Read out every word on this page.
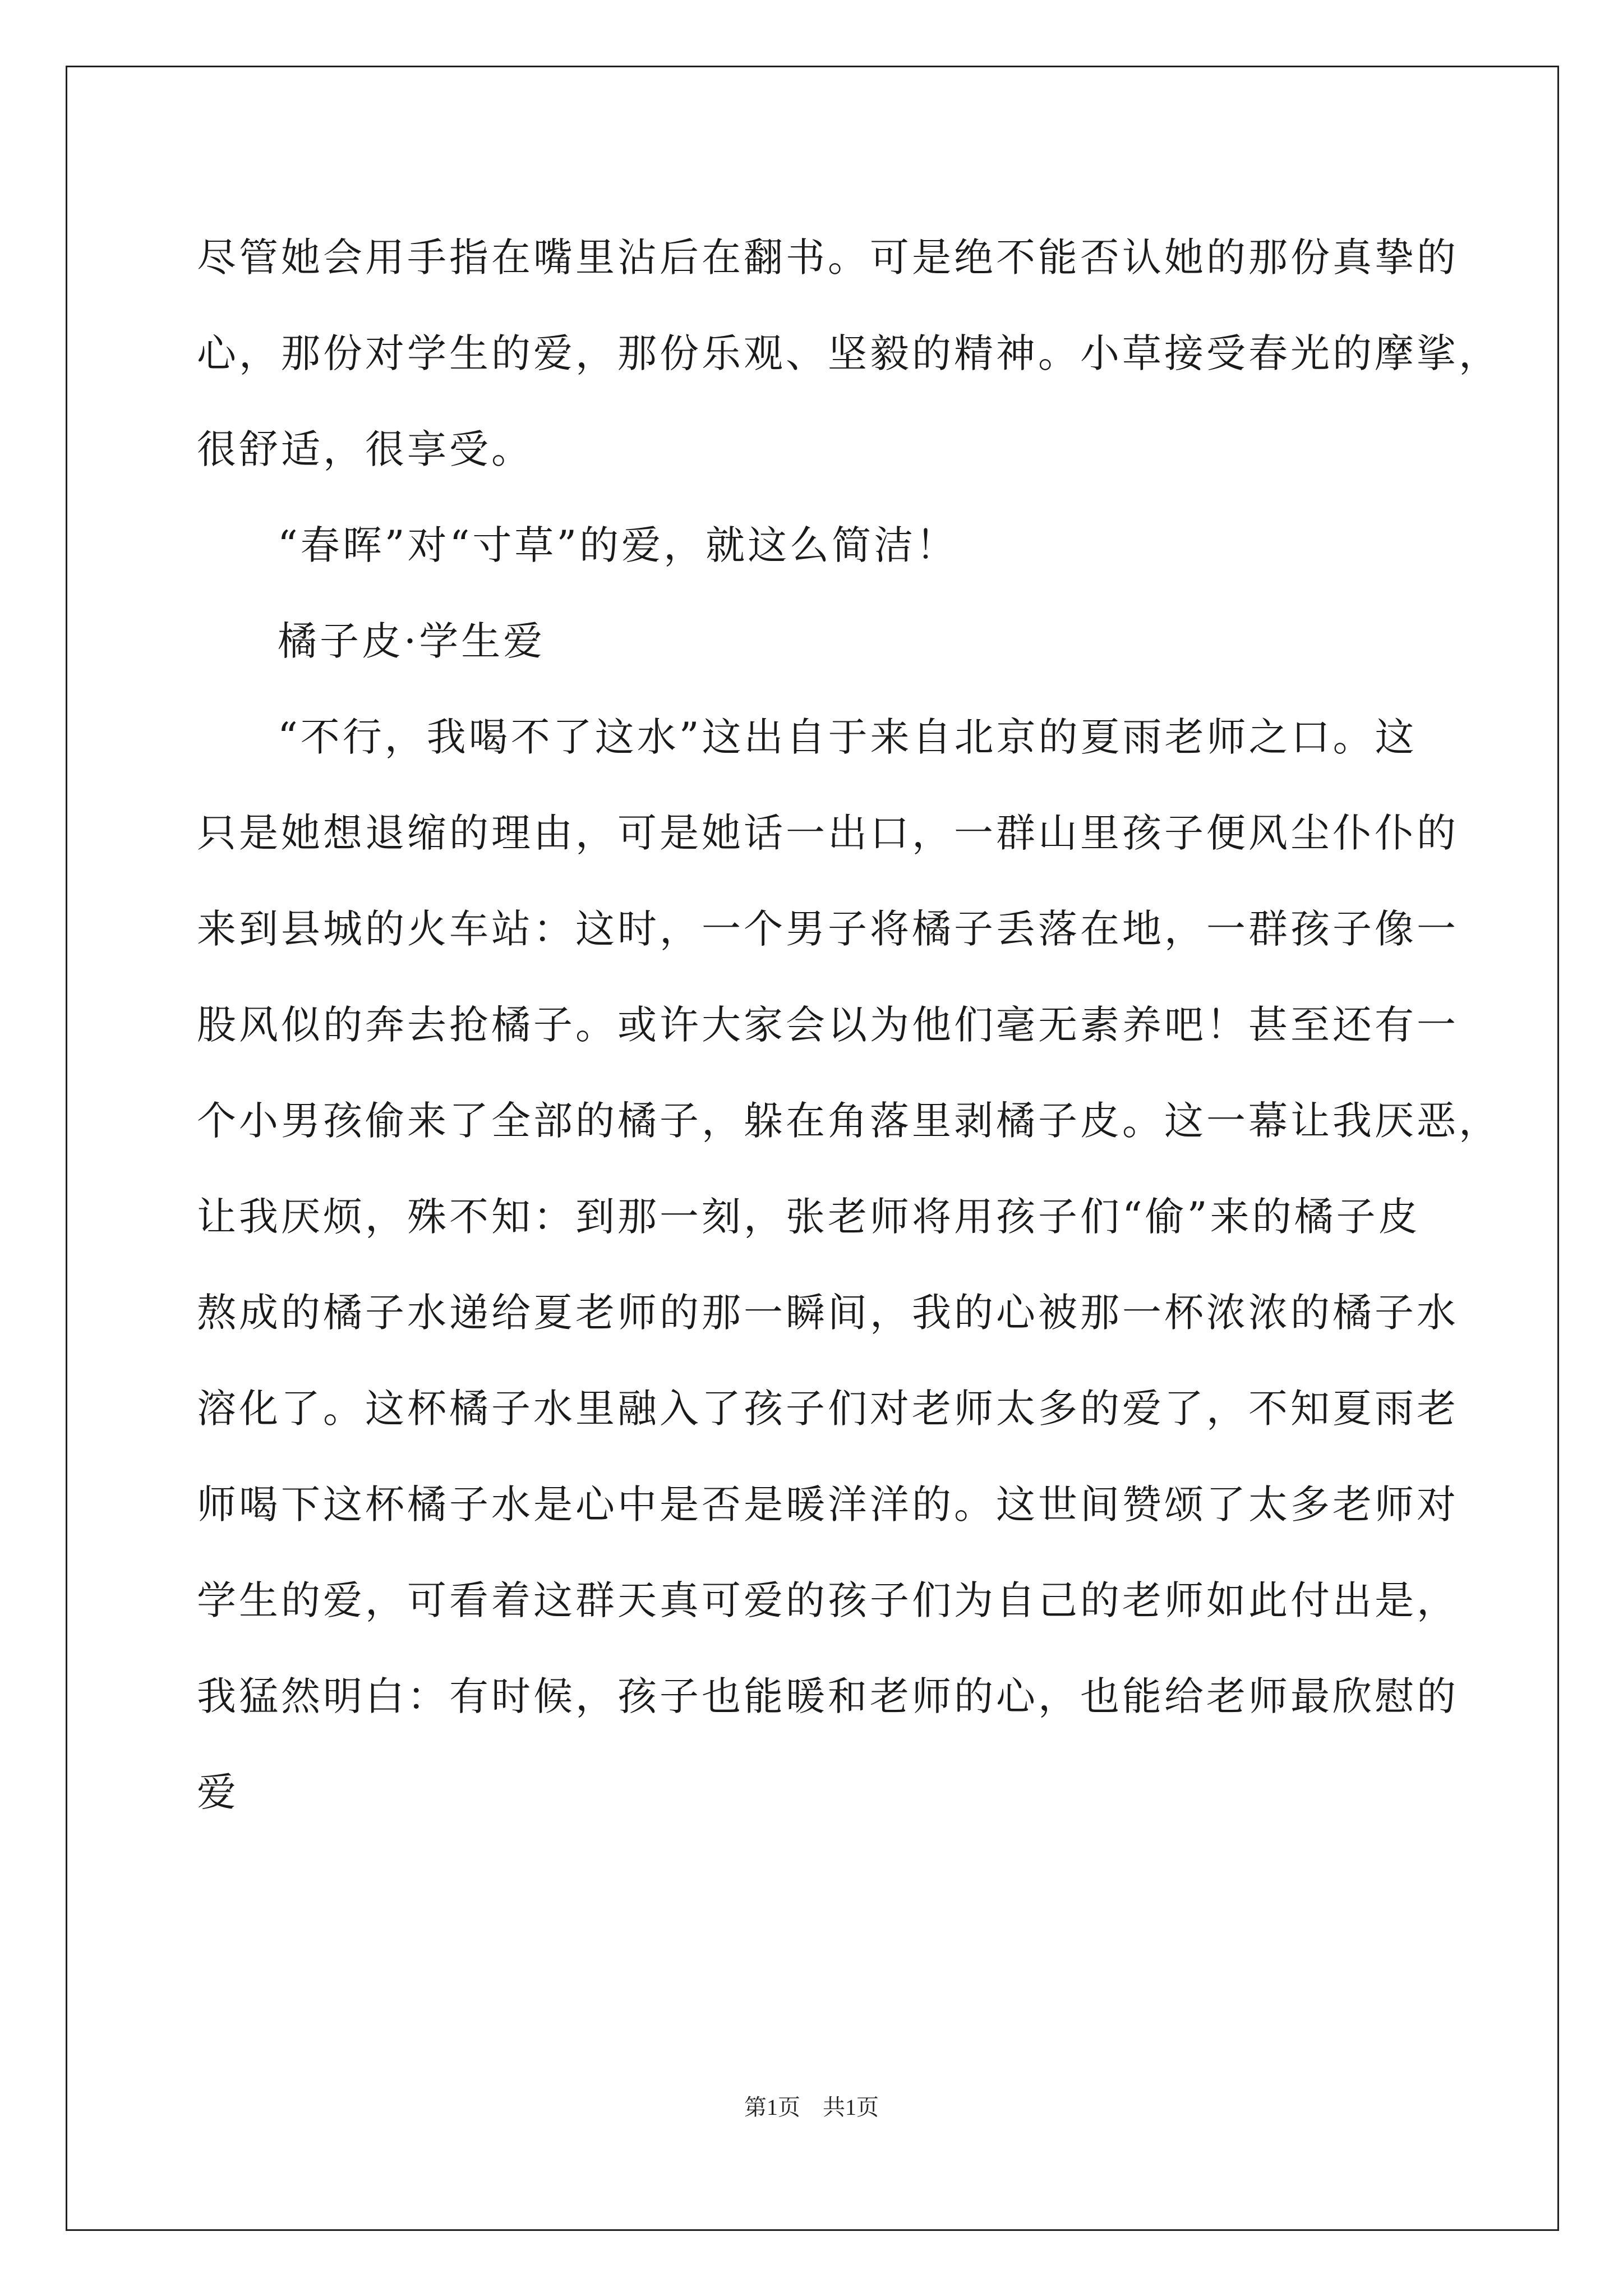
尽管她会用手指在嘴里沾后在翻书。可是绝不能否认她的那份真挚的
心，那份对学生的爱，那份乐观、坚毅的精神。小草接受春光的摩挲，
很舒适，很享受。
“春晖”对“寸草”的爱，就这么简洁！
橘子皮·学生爱
“不行，我喝不了这水”这出自于来自北京的夏雨老师之口。这
只是她想退缩的理由，可是她话一出口，一群山里孩子便风尘仆仆的
来到县城的火车站：这时，一个男子将橘子丢落在地，一群孩子像一
股风似的奔去抢橘子。或许大家会以为他们毫无素养吧！甚至还有一
个小男孩偷来了全部的橘子，躲在角落里剥橘子皮。这一幕让我厌恶，
让我厌烦，殊不知：到那一刻，张老师将用孩子们“偷”来的橘子皮
熬成的橘子水递给夏老师的那一瞬间，我的心被那一杯浓浓的橘子水
溶化了。这杯橘子水里融入了孩子们对老师太多的爱了，不知夏雨老
师喝下这杯橘子水是心中是否是暖洋洋的。这世间赞颂了太多老师对
学生的爱，可看着这群天真可爱的孩子们为自己的老师如此付出是，
我猛然明白：有时候，孩子也能暖和老师的心，也能给老师最欣慰的
爱
第1页 共1页
